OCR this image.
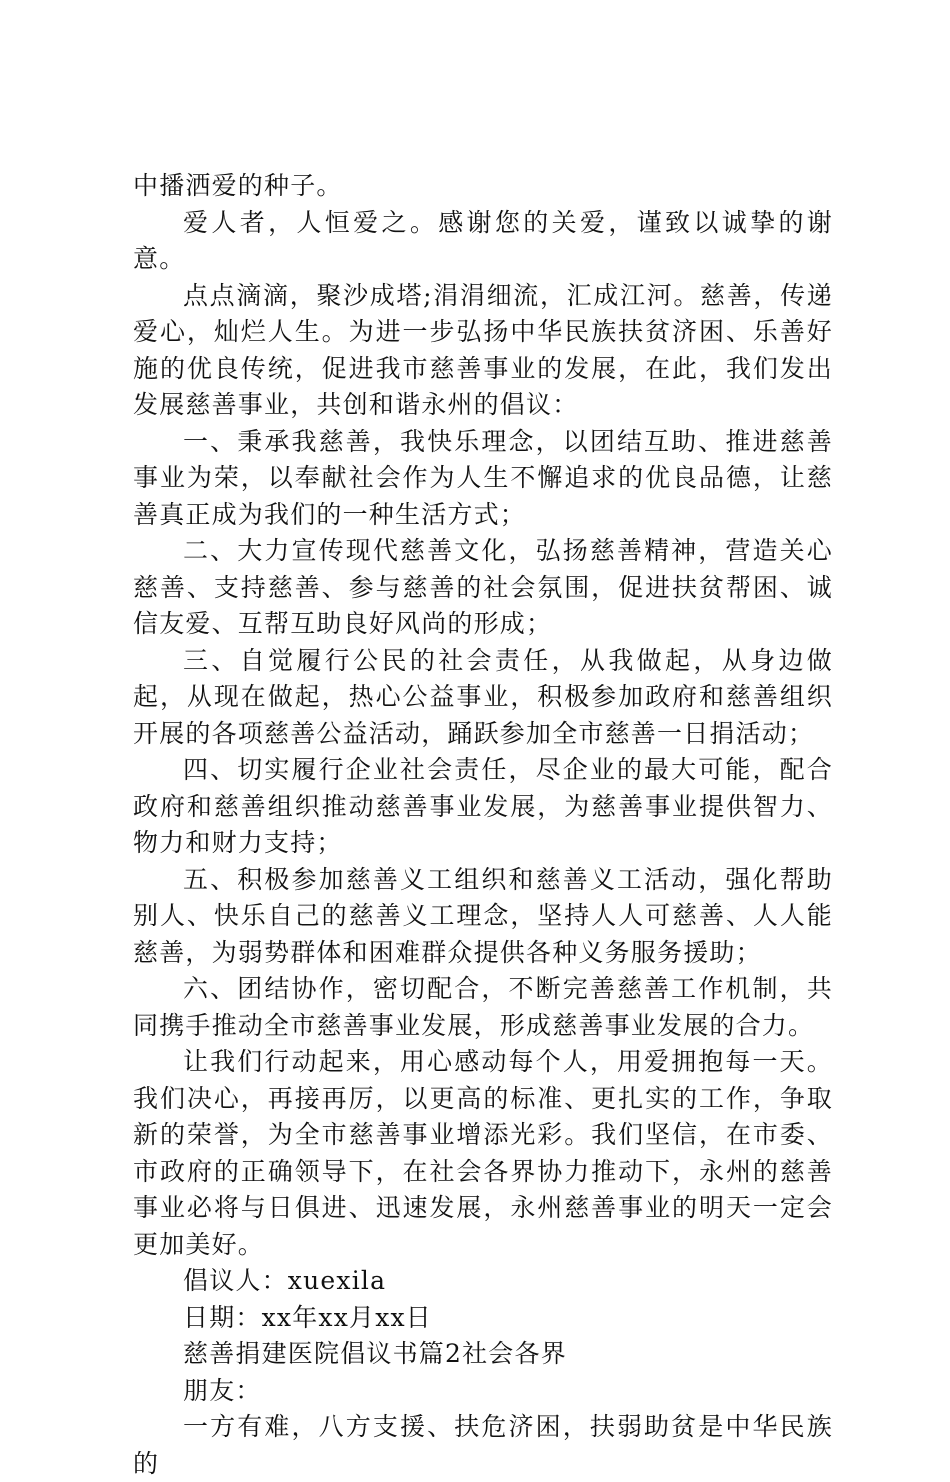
中播洒爱的种子。

爱人者，人恒爱之。感谢您的关爱，谨致以诚挚的谢意。

点点滴滴，聚沙成塔;涓涓细流，汇成江河。慈善，传递爱心，灿烂人生。为进一步弘扬中华民族扶贫济困、乐善好施的优良传统，促进我市慈善事业的发展，在此，我们发出发展慈善事业，共创和谐永州的倡议：

一、秉承我慈善，我快乐理念，以团结互助、推进慈善事业为荣，以奉献社会作为人生不懈追求的优良品德，让慈善真正成为我们的一种生活方式；

二、大力宣传现代慈善文化，弘扬慈善精神，营造关心慈善、支持慈善、参与慈善的社会氛围，促进扶贫帮困、诚信友爱、互帮互助良好风尚的形成；

三、自觉履行公民的社会责任，从我做起，从身边做起，从现在做起，热心公益事业，积极参加政府和慈善组织开展的各项慈善公益活动，踊跃参加全市慈善一日捐活动；

四、切实履行企业社会责任，尽企业的最大可能，配合政府和慈善组织推动慈善事业发展，为慈善事业提供智力、物力和财力支持；

五、积极参加慈善义工组织和慈善义工活动，强化帮助别人、快乐自己的慈善义工理念，坚持人人可慈善、人人能慈善，为弱势群体和困难群众提供各种义务服务援助；

六、团结协作，密切配合，不断完善慈善工作机制，共同携手推动全市慈善事业发展，形成慈善事业发展的合力。

让我们行动起来，用心感动每个人，用爱拥抱每一天。我们决心，再接再厉，以更高的标准、更扎实的工作，争取新的荣誉，为全市慈善事业增添光彩。我们坚信，在市委、市政府的正确领导下，在社会各界协力推动下，永州的慈善事业必将与日俱进、迅速发展，永州慈善事业的明天一定会更加美好。

倡议人：xuexila

日期：xx年xx月xx日

慈善捐建医院倡议书篇2社会各界

朋友：

一方有难，八方支援、扶危济困，扶弱助贫是中华民族的
